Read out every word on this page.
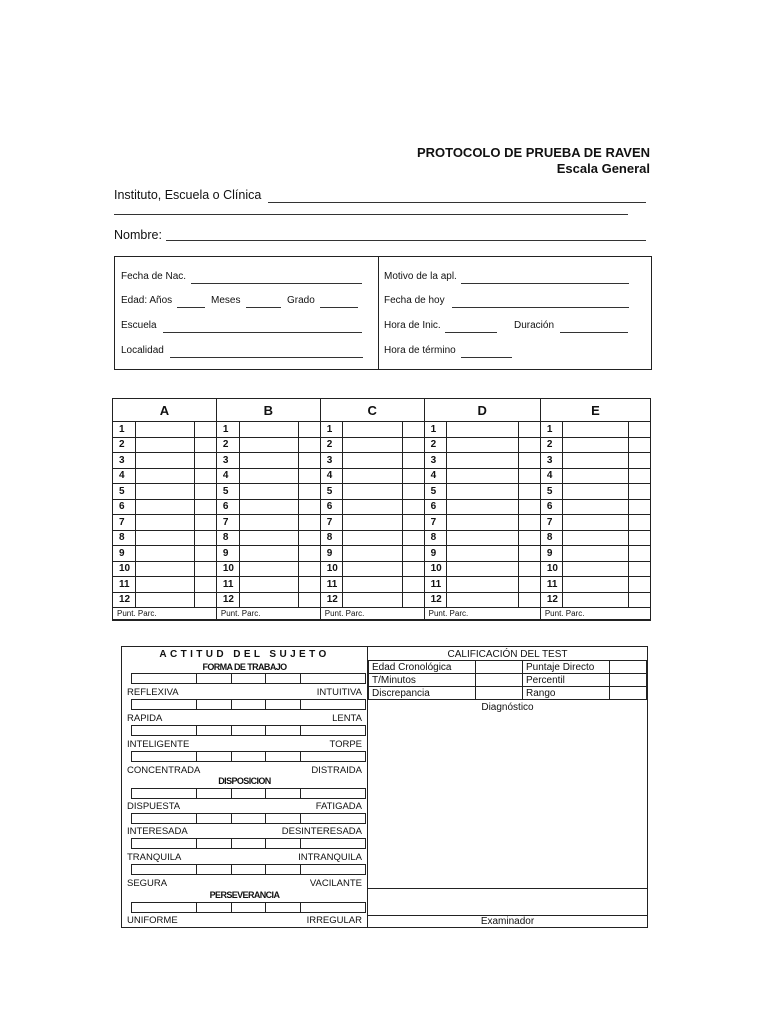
PROTOCOLO DE PRUEBA DE RAVEN
Escala General
Instituto, Escuela o Clínica
Nombre:
Fecha de Nac.
Edad: Años	Meses	Grado
Escuela
Localidad
Motivo de la apl.
Fecha de hoy
Hora de Inic.	Duración
Hora de término
A			B			C			D			E		
1			1			1			1			1		
2			2			2			2			2		
3			3			3			3			3		
4			4			4			4			4		
5			5			5			5			5		
6			6			6			6			6		
7			7			7			7			7		
8			8			8			8			8		
9			9			9			9			9		
10			10			10			10			10		
11			11			11			11			11		
12			12			12			12			12		
Punt. Parc.			Punt. Parc.			Punt. Parc.			Punt. Parc.			Punt. Parc.		
ACTITUD DEL SUJETO
FORMA DE TRABAJO
REFLEXIVA	INTUITIVA
RAPIDA	LENTA
INTELIGENTE	TORPE
CONCENTRADA	DISTRAIDA
DISPOSICION
DISPUESTA	FATIGADA
INTERESADA	DESINTERESADA
TRANQUILA	INTRANQUILA
SEGURA	VACILANTE
PERSEVERANCIA
UNIFORME	IRREGULAR
CALIFICACIÓN DEL TEST
Edad Cronológica		Puntaje Directo	
T/Minutos		Percentil	
Discrepancia		Rango	
Diagnóstico
Examinador
